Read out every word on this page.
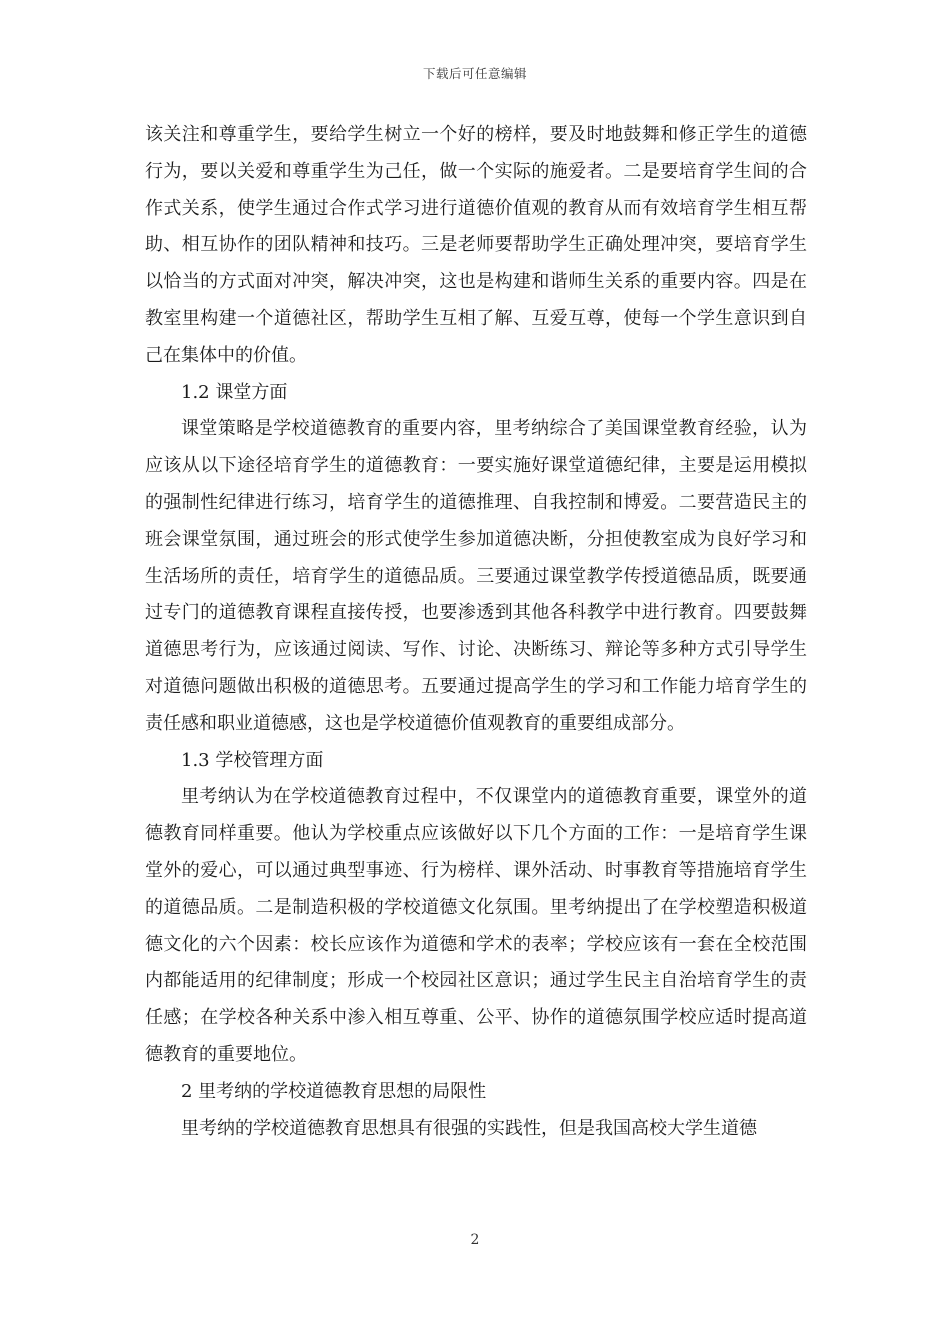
下载后可任意编辑

该关注和尊重学生，要给学生树立一个好的榜样，要及时地鼓舞和修正学生的道德行为，要以关爱和尊重学生为己任，做一个实际的施爱者。二是要培育学生间的合作式关系，使学生通过合作式学习进行道德价值观的教育从而有效培育学生相互帮助、相互协作的团队精神和技巧。三是老师要帮助学生正确处理冲突，要培育学生以恰当的方式面对冲突，解决冲突，这也是构建和谐师生关系的重要内容。四是在教室里构建一个道德社区，帮助学生互相了解、互爱互尊，使每一个学生意识到自己在集体中的价值。

1.2 课堂方面

课堂策略是学校道德教育的重要内容，里考纳综合了美国课堂教育经验，认为应该从以下途径培育学生的道德教育：一要实施好课堂道德纪律，主要是运用模拟的强制性纪律进行练习，培育学生的道德推理、自我控制和博爱。二要营造民主的班会课堂氛围，通过班会的形式使学生参加道德决断，分担使教室成为良好学习和生活场所的责任，培育学生的道德品质。三要通过课堂教学传授道德品质，既要通过专门的道德教育课程直接传授，也要渗透到其他各科教学中进行教育。四要鼓舞道德思考行为，应该通过阅读、写作、讨论、决断练习、辩论等多种方式引导学生对道德问题做出积极的道德思考。五要通过提高学生的学习和工作能力培育学生的责任感和职业道德感，这也是学校道德价值观教育的重要组成部分。

1.3 学校管理方面

里考纳认为在学校道德教育过程中，不仅课堂内的道德教育重要，课堂外的道德教育同样重要。他认为学校重点应该做好以下几个方面的工作：一是培育学生课堂外的爱心，可以通过典型事迹、行为榜样、课外活动、时事教育等措施培育学生的道德品质。二是制造积极的学校道德文化氛围。里考纳提出了在学校塑造积极道德文化的六个因素：校长应该作为道德和学术的表率；学校应该有一套在全校范围内都能适用的纪律制度；形成一个校园社区意识；通过学生民主自治培育学生的责任感；在学校各种关系中渗入相互尊重、公平、协作的道德氛围学校应适时提高道德教育的重要地位。

2 里考纳的学校道德教育思想的局限性

里考纳的学校道德教育思想具有很强的实践性，但是我国高校大学生道德

2
